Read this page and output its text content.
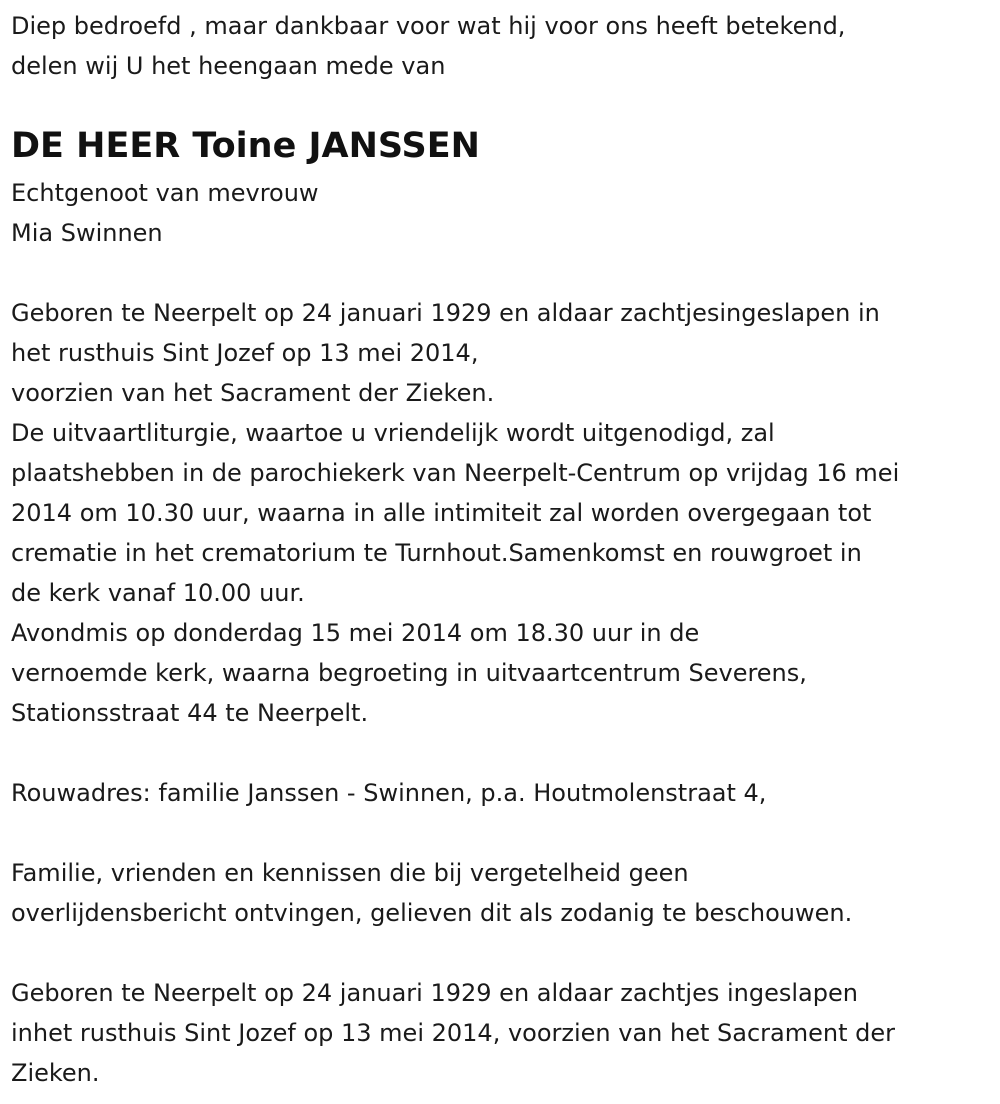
Diep bedroefd , maar dankbaar voor wat hij voor ons heeft betekend,
delen wij U het heengaan mede van
DE HEER Toine JANSSEN
Echtgenoot van mevrouw
Mia Swinnen
Geboren te Neerpelt op 24 januari 1929 en aldaar zachtjesingeslapen in
het rusthuis Sint Jozef op 13 mei 2014,
voorzien van het Sacrament der Zieken.
De uitvaartliturgie, waartoe u vriendelijk wordt uitgenodigd, zal
plaatshebben in de parochiekerk van Neerpelt-Centrum op vrijdag 16 mei
2014 om 10.30 uur, waarna in alle intimiteit zal worden overgegaan tot
crematie in het crematorium te Turnhout.Samenkomst en rouwgroet in
de kerk vanaf 10.00 uur.
Avondmis op donderdag 15 mei 2014 om 18.30 uur in de
vernoemde kerk, waarna begroeting in uitvaartcentrum Severens,
Stationsstraat 44 te Neerpelt.
Rouwadres: familie Janssen - Swinnen, p.a. Houtmolenstraat 4,
Familie, vrienden en kennissen die bij vergetelheid geen
overlijdensbericht ontvingen, gelieven dit als zodanig te beschouwen.
Geboren te Neerpelt op 24 januari 1929 en aldaar zachtjes ingeslapen
inhet rusthuis Sint Jozef op 13 mei 2014, voorzien van het Sacrament der
Zieken.
